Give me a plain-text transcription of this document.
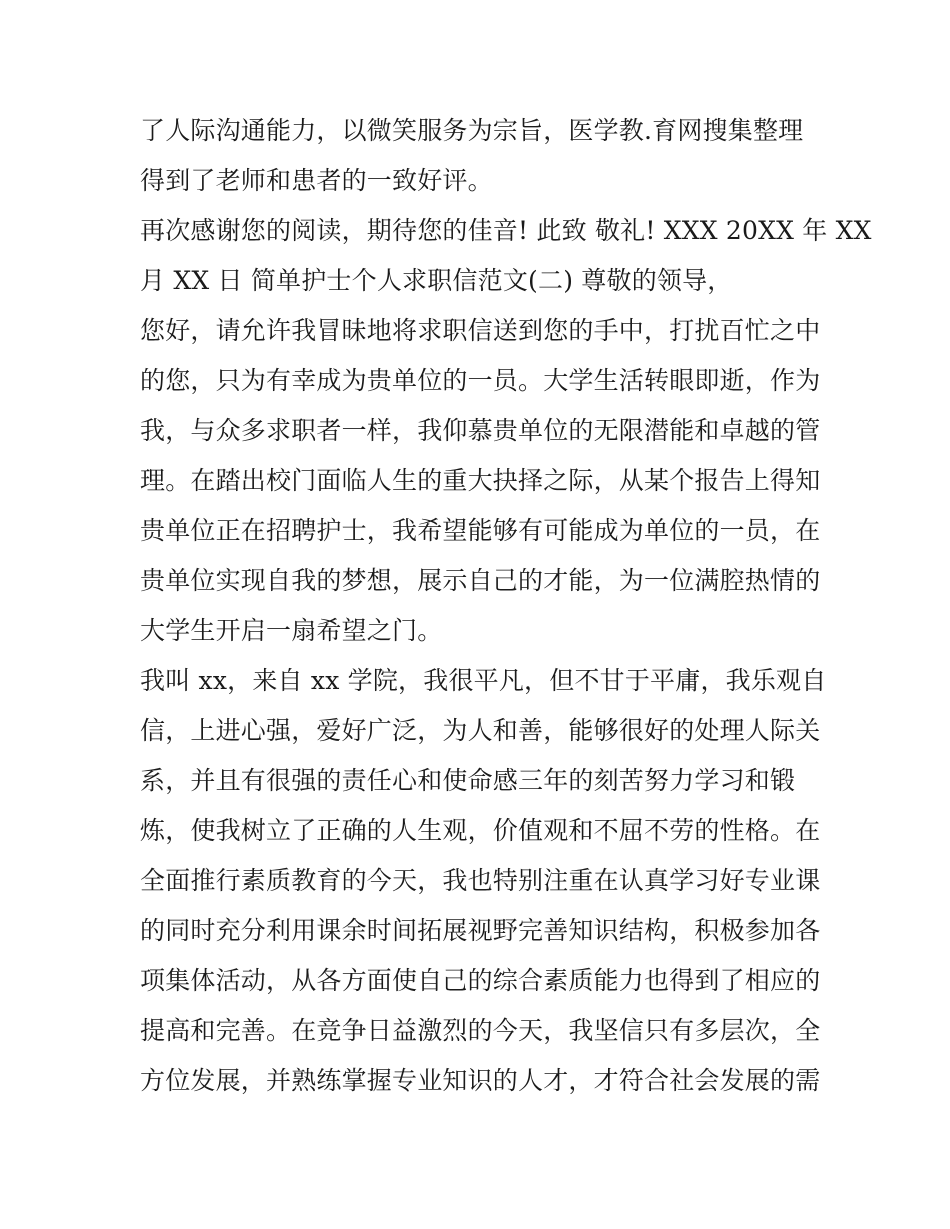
了人际沟通能力，以微笑服务为宗旨，医学教.育网搜集整理
得到了老师和患者的一致好评。
再次感谢您的阅读，期待您的佳音! 此致 敬礼! XXX 20XX 年 XX
月 XX 日 简单护士个人求职信范文(二) 尊敬的领导，
您好，请允许我冒昧地将求职信送到您的手中，打扰百忙之中
的您，只为有幸成为贵单位的一员。大学生活转眼即逝，作为
我，与众多求职者一样，我仰慕贵单位的无限潜能和卓越的管
理。在踏出校门面临人生的重大抉择之际，从某个报告上得知
贵单位正在招聘护士，我希望能够有可能成为单位的一员，在
贵单位实现自我的梦想，展示自己的才能，为一位满腔热情的
大学生开启一扇希望之门。
我叫 xx，来自 xx 学院，我很平凡，但不甘于平庸，我乐观自
信，上进心强，爱好广泛，为人和善，能够很好的处理人际关
系，并且有很强的责任心和使命感三年的刻苦努力学习和锻
炼，使我树立了正确的人生观，价值观和不屈不劳的性格。在
全面推行素质教育的今天，我也特别注重在认真学习好专业课
的同时充分利用课余时间拓展视野完善知识结构，积极参加各
项集体活动，从各方面使自己的综合素质能力也得到了相应的
提高和完善。在竞争日益激烈的今天，我坚信只有多层次，全
方位发展，并熟练掌握专业知识的人才，才符合社会发展的需
